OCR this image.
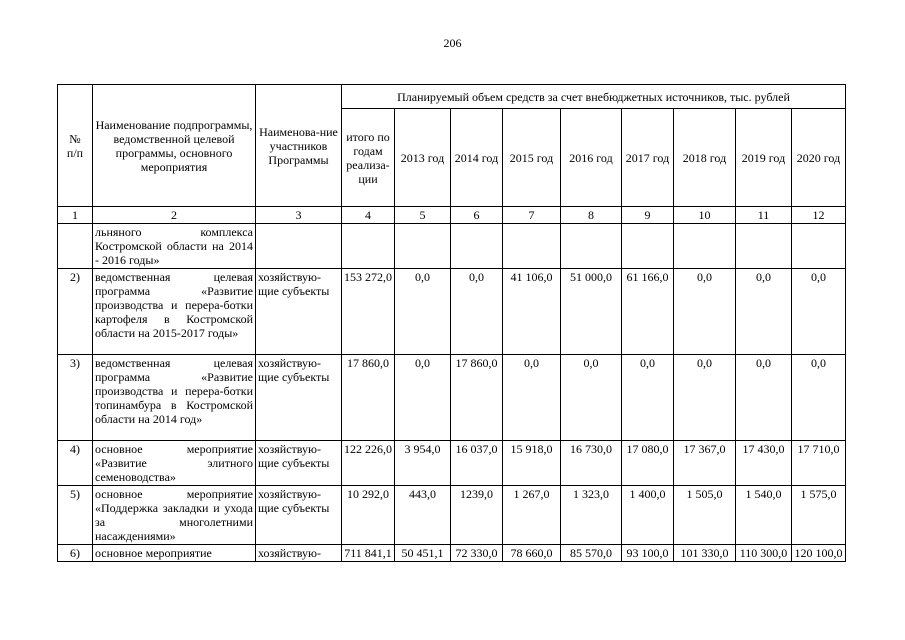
206
№
п/п	Наименование подпрограммы, ведомственной целевой программы, основного мероприятия	Наименова-ние участников Программы	Планируемый объем средств за счет внебюджетных источников, тыс. рублей								
			итого по годам реализа-ции	2013 год	2014 год	2015 год	2016 год	2017 год	2018 год	2019 год	2020 год
1	2	3	4	5	6	7	8	9	10	11	12
	льняного комплекса Костромской области на 2014 - 2016 годы»										
2)	ведомственная целевая программа «Развитие производства и перера-ботки картофеля в Костромской области на 2015-2017 годы»	хозяйствую-щие субъекты	153 272,0	0,0	0,0	41 106,0	51 000,0	61 166,0	0,0	0,0	0,0
3)	ведомственная целевая программа «Развитие производства и перера-ботки топинамбура в Костромской области на 2014 год»	хозяйствую-щие субъекты	17 860,0	0,0	17 860,0	0,0	0,0	0,0	0,0	0,0	0,0
4)	основное мероприятие «Развитие элитного семеноводства»	хозяйствую-щие субъекты	122 226,0	3 954,0	16 037,0	15 918,0	16 730,0	17 080,0	17 367,0	17 430,0	17 710,0
5)	основное мероприятие «Поддержка закладки и ухода за многолетними насаждениями»	хозяйствую-щие субъекты	10 292,0	443,0	1239,0	1 267,0	1 323,0	1 400,0	1 505,0	1 540,0	1 575,0
6)	основное мероприятие	хозяйствую-	711 841,1	50 451,1	72 330,0	78 660,0	85 570,0	93 100,0	101 330,0	110 300,0	120 100,0
